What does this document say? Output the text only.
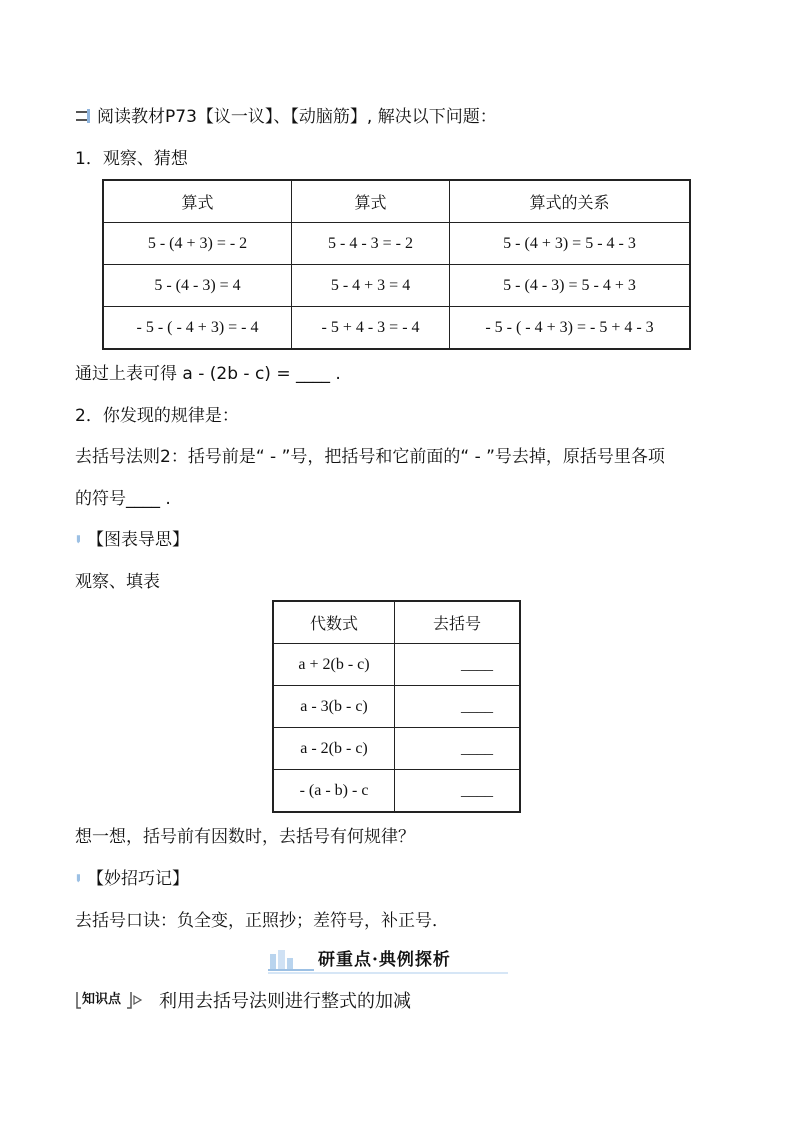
阅读教材P73【议一议】、【动脑筋】, 解决以下问题：
1．观察、猜想
算式	算式	算式的关系
5 - (4 + 3) = - 2	5 - 4 - 3 = - 2	5 - (4 + 3) = 5 - 4 - 3
5 - (4 - 3) = 4	5 - 4 + 3 = 4	5 - (4 - 3) = 5 - 4 + 3
- 5 - ( - 4 + 3) = - 4	- 5 + 4 - 3 = - 4	- 5 - ( - 4 + 3) = - 5 + 4 - 3
通过上表可得 a - (2b - c) = ____ .
2．你发现的规律是：
去括号法则2：括号前是“ - ”号，把括号和它前面的“ - ”号去掉，原括号里各项
的符号____ .
【图表导思】
观察、填表
代数式	去括号
a + 2(b - c)	____
a - 3(b - c)	____
a - 2(b - c)	____
- (a - b) - c	____
想一想，括号前有因数时，去括号有何规律？
【妙招巧记】
去括号口诀：负全变，正照抄；差符号，补正号．
研重点·典例探析
知识点 利用去括号法则进行整式的加减
